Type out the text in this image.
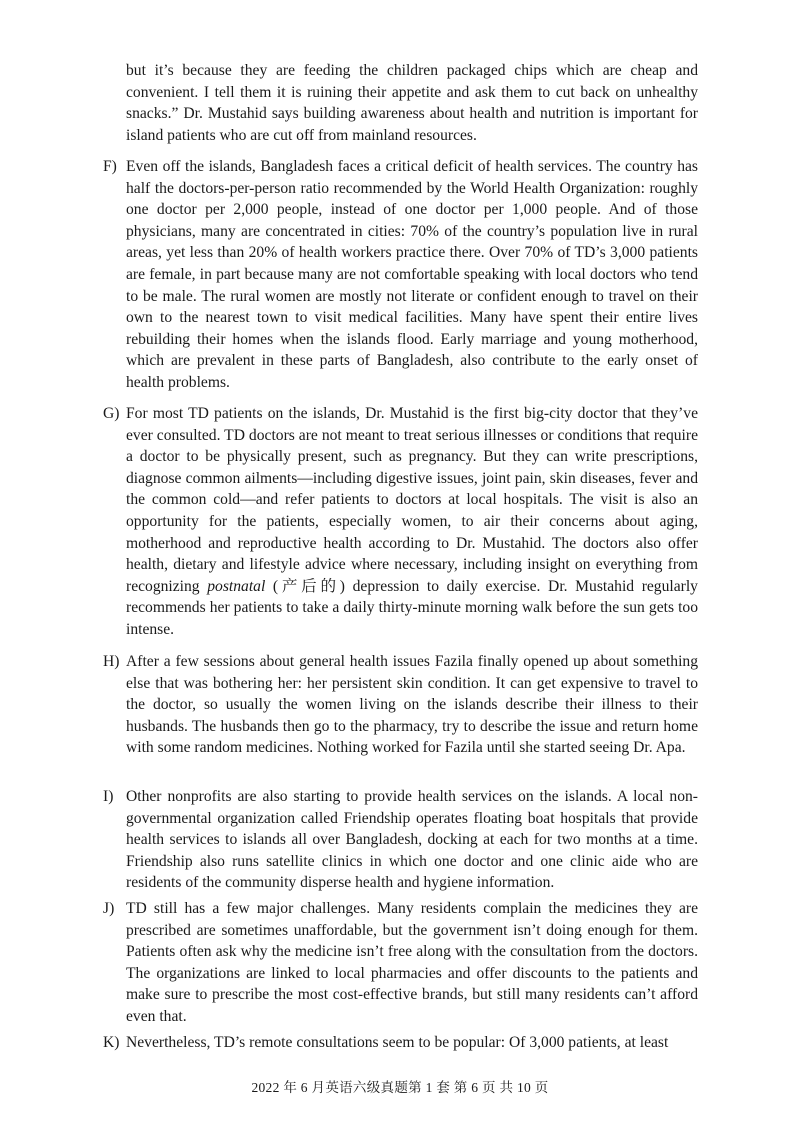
but it’s because they are feeding the children packaged chips which are cheap and convenient. I tell them it is ruining their appetite and ask them to cut back on unhealthy snacks.” Dr. Mustahid says building awareness about health and nutrition is important for island patients who are cut off from mainland resources.

F) Even off the islands, Bangladesh faces a critical deficit of health services. The country has half the doctors-per-person ratio recommended by the World Health Organization: roughly one doctor per 2,000 people, instead of one doctor per 1,000 people. And of those physicians, many are concentrated in cities: 70% of the country’s population live in rural areas, yet less than 20% of health workers practice there. Over 70% of TD’s 3,000 patients are female, in part because many are not comfortable speaking with local doctors who tend to be male. The rural women are mostly not literate or confident enough to travel on their own to the nearest town to visit medical facilities. Many have spent their entire lives rebuilding their homes when the islands flood. Early marriage and young motherhood, which are prevalent in these parts of Bangladesh, also contribute to the early onset of health problems.

G) For most TD patients on the islands, Dr. Mustahid is the first big-city doctor that they’ve ever consulted. TD doctors are not meant to treat serious illnesses or conditions that require a doctor to be physically present, such as pregnancy. But they can write prescriptions, diagnose common ailments—including digestive issues, joint pain, skin diseases, fever and the common cold—and refer patients to doctors at local hospitals. The visit is also an opportunity for the patients, especially women, to air their concerns about aging, motherhood and reproductive health according to Dr. Mustahid. The doctors also offer health, dietary and lifestyle advice where necessary, including insight on everything from recognizing postnatal (产后的) depression to daily exercise. Dr. Mustahid regularly recommends her patients to take a daily thirty-minute morning walk before the sun gets too intense.

H) After a few sessions about general health issues Fazila finally opened up about something else that was bothering her: her persistent skin condition. It can get expensive to travel to the doctor, so usually the women living on the islands describe their illness to their husbands. The husbands then go to the pharmacy, try to describe the issue and return home with some random medicines. Nothing worked for Fazila until she started seeing Dr. Apa.

I) Other nonprofits are also starting to provide health services on the islands. A local non-governmental organization called Friendship operates floating boat hospitals that provide health services to islands all over Bangladesh, docking at each for two months at a time. Friendship also runs satellite clinics in which one doctor and one clinic aide who are residents of the community disperse health and hygiene information.

J) TD still has a few major challenges. Many residents complain the medicines they are prescribed are sometimes unaffordable, but the government isn’t doing enough for them. Patients often ask why the medicine isn’t free along with the consultation from the doctors. The organizations are linked to local pharmacies and offer discounts to the patients and make sure to prescribe the most cost-effective brands, but still many residents can’t afford even that.

K) Nevertheless, TD’s remote consultations seem to be popular: Of 3,000 patients, at least

2022 年 6 月英语六级真题第 1 套 第 6 页 共 10 页
